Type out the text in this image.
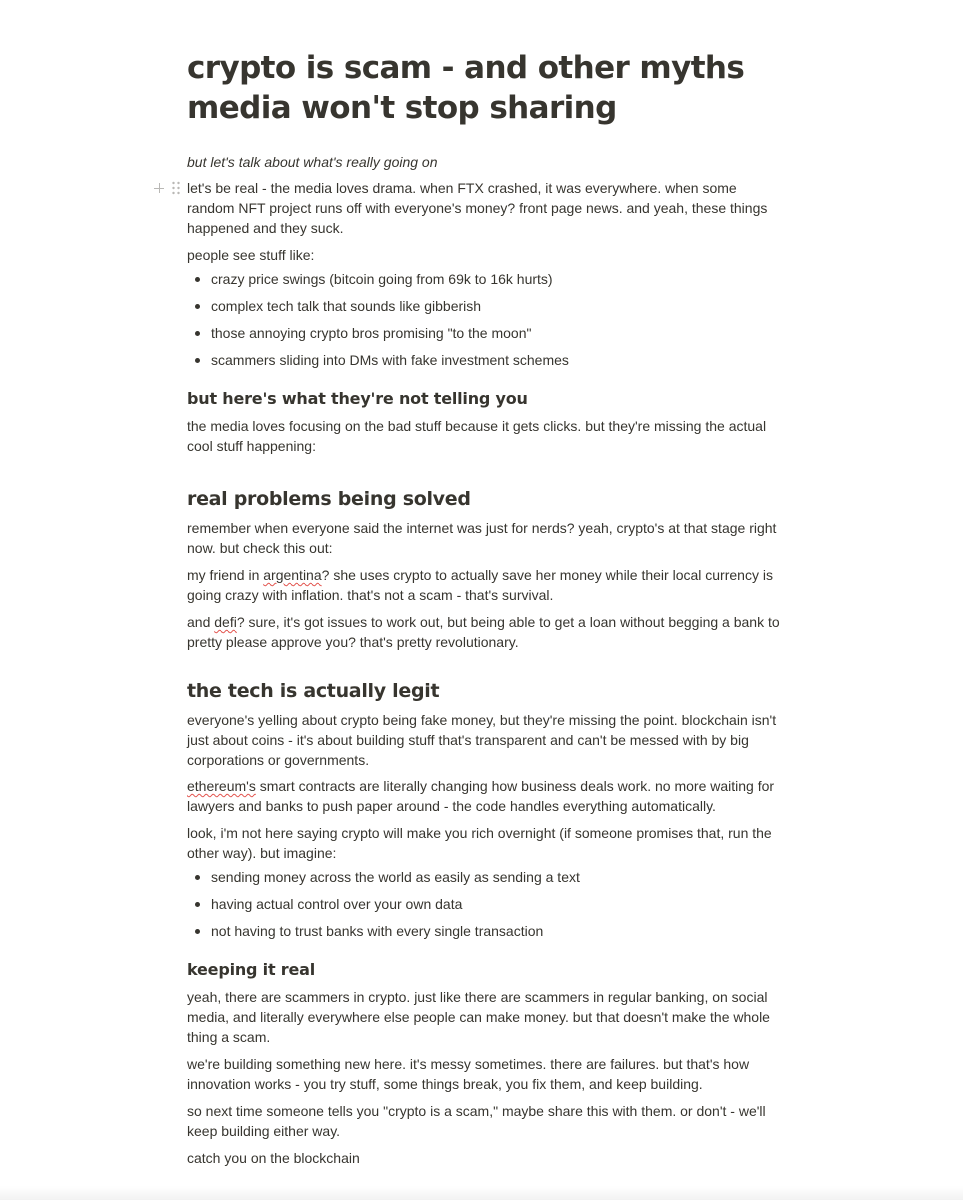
crypto is scam - and other myths media won't stop sharing

but let's talk about what's really going on

let's be real - the media loves drama. when FTX crashed, it was everywhere. when some random NFT project runs off with everyone's money? front page news. and yeah, these things happened and they suck.

people see stuff like:

crazy price swings (bitcoin going from 69k to 16k hurts)
complex tech talk that sounds like gibberish
those annoying crypto bros promising "to the moon"
scammers sliding into DMs with fake investment schemes
but here's what they're not telling you

the media loves focusing on the bad stuff because it gets clicks. but they're missing the actual cool stuff happening:

real problems being solved

remember when everyone said the internet was just for nerds? yeah, crypto's at that stage right now. but check this out:

my friend in argentina? she uses crypto to actually save her money while their local currency is going crazy with inflation. that's not a scam - that's survival.

and defi? sure, it's got issues to work out, but being able to get a loan without begging a bank to pretty please approve you? that's pretty revolutionary.

the tech is actually legit

everyone's yelling about crypto being fake money, but they're missing the point. blockchain isn't just about coins - it's about building stuff that's transparent and can't be messed with by big corporations or governments.

ethereum's smart contracts are literally changing how business deals work. no more waiting for lawyers and banks to push paper around - the code handles everything automatically.

look, i'm not here saying crypto will make you rich overnight (if someone promises that, run the other way). but imagine:

sending money across the world as easily as sending a text
having actual control over your own data
not having to trust banks with every single transaction
keeping it real

yeah, there are scammers in crypto. just like there are scammers in regular banking, on social media, and literally everywhere else people can make money. but that doesn't make the whole thing a scam.

we're building something new here. it's messy sometimes. there are failures. but that's how innovation works - you try stuff, some things break, you fix them, and keep building.

so next time someone tells you "crypto is a scam," maybe share this with them. or don't - we'll keep building either way.

catch you on the blockchain
